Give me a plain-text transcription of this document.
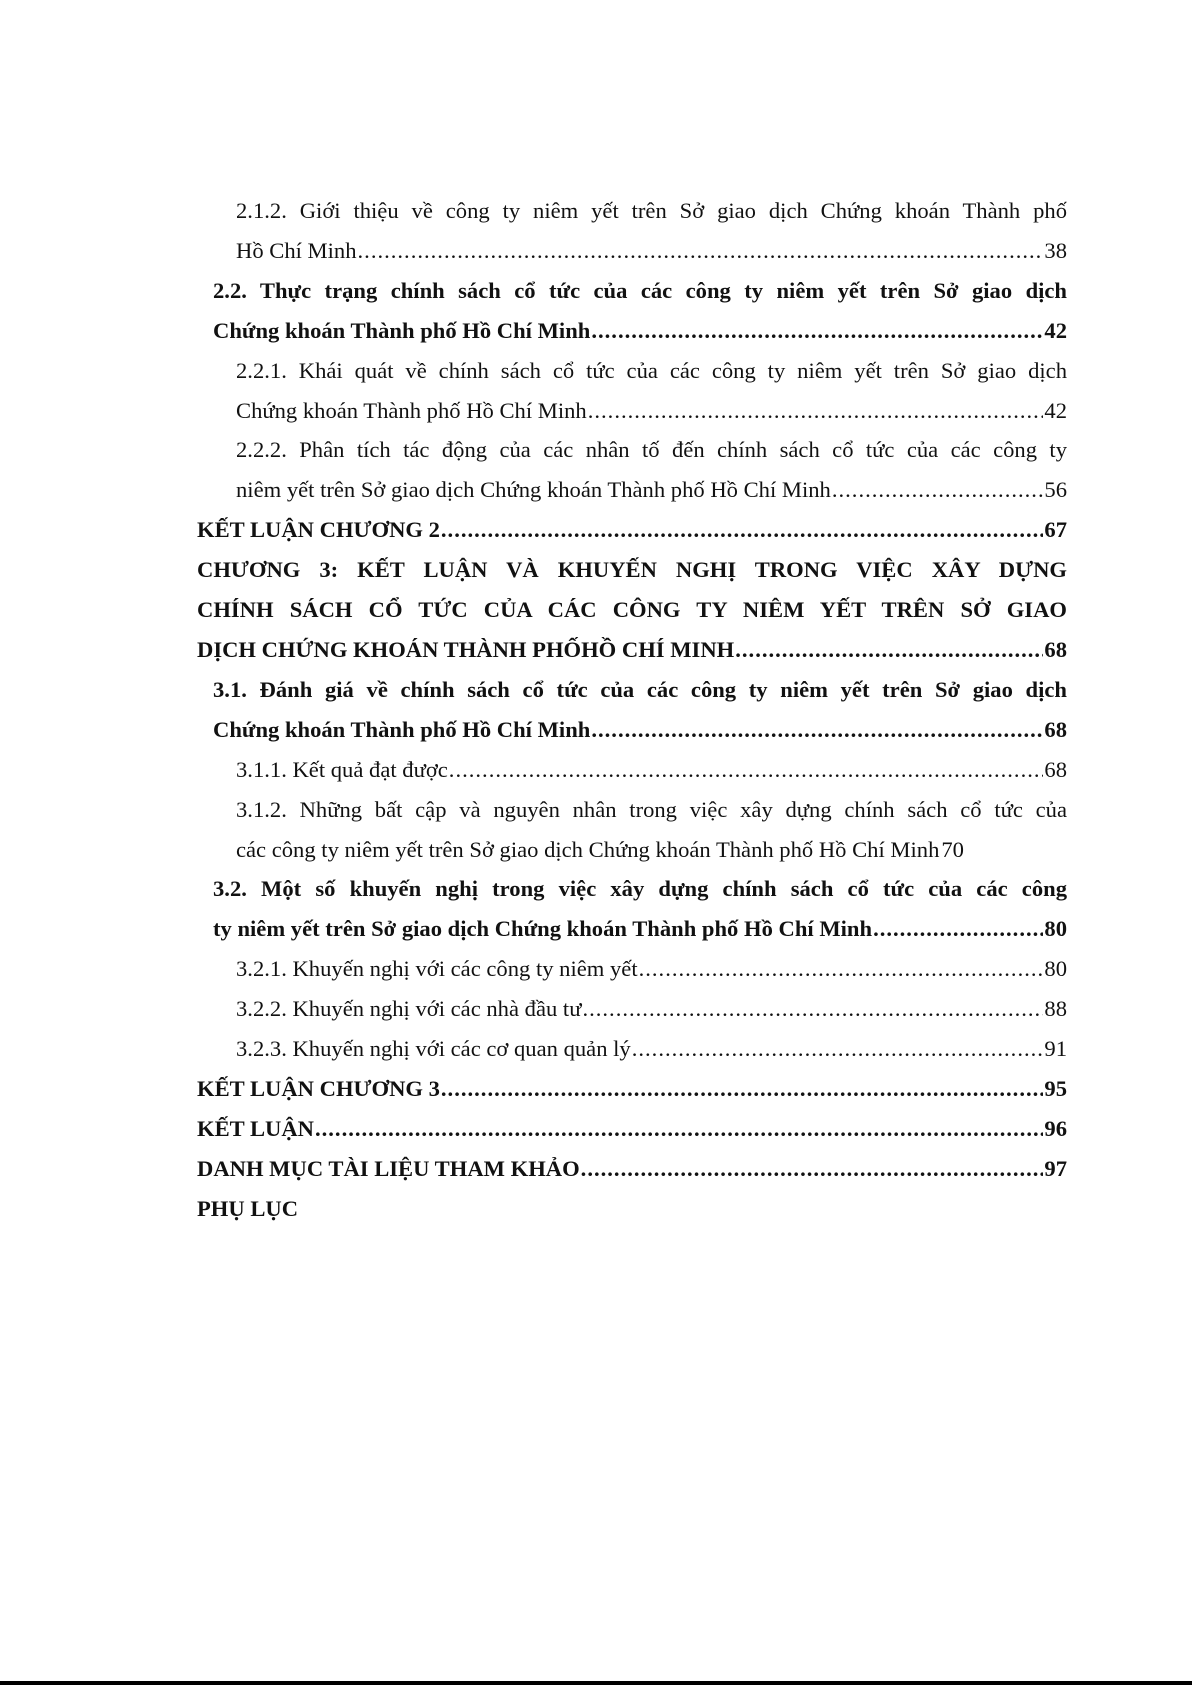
2.1.2. Giới thiệu về công ty niêm yết trên Sở giao dịch Chứng khoán Thành phố
Hồ Chí Minh .....	38
2.2. Thực trạng chính sách cổ tức của các công ty niêm yết trên Sở giao dịch
Chứng khoán Thành phố Hồ Chí Minh .....	42
2.2.1. Khái quát về chính sách cổ tức của các công ty niêm yết trên Sở giao dịch
Chứng khoán Thành phố Hồ Chí Minh .....	42
2.2.2. Phân tích tác động của các nhân tố đến chính sách cổ tức của các công ty
niêm yết trên Sở giao dịch Chứng khoán Thành phố Hồ Chí Minh .....	56
KẾT LUẬN CHƯƠNG 2 .....	67
CHƯƠNG 3: KẾT LUẬN VÀ KHUYẾN NGHỊ TRONG VIỆC XÂY DỰNG
CHÍNH SÁCH CỔ TỨC CỦA CÁC CÔNG TY NIÊM YẾT TRÊN SỞ GIAO
DỊCH CHỨNG KHOÁN THÀNH PHỐHỒ CHÍ MINH .....	68
3.1. Đánh giá về chính sách cổ tức của các công ty niêm yết trên Sở giao dịch
Chứng khoán Thành phố Hồ Chí Minh .....	68
3.1.1. Kết quả đạt được .....	68
3.1.2. Những bất cập và nguyên nhân trong việc xây dựng chính sách cổ tức của
các công ty niêm yết trên Sở giao dịch Chứng khoán Thành phố Hồ Chí Minh 70
3.2. Một số khuyến nghị trong việc xây dựng chính sách cổ tức của các công
ty niêm yết trên Sở giao dịch Chứng khoán Thành phố Hồ Chí Minh .....	80
3.2.1. Khuyến nghị với các công ty niêm yết .....	80
3.2.2. Khuyến nghị với các nhà đầu tư .....	88
3.2.3. Khuyến nghị với các cơ quan quản lý .....	91
KẾT LUẬN CHƯƠNG 3 .....	95
KẾT LUẬN .....	96
DANH MỤC TÀI LIỆU THAM KHẢO .....	97
PHỤ LỤC
